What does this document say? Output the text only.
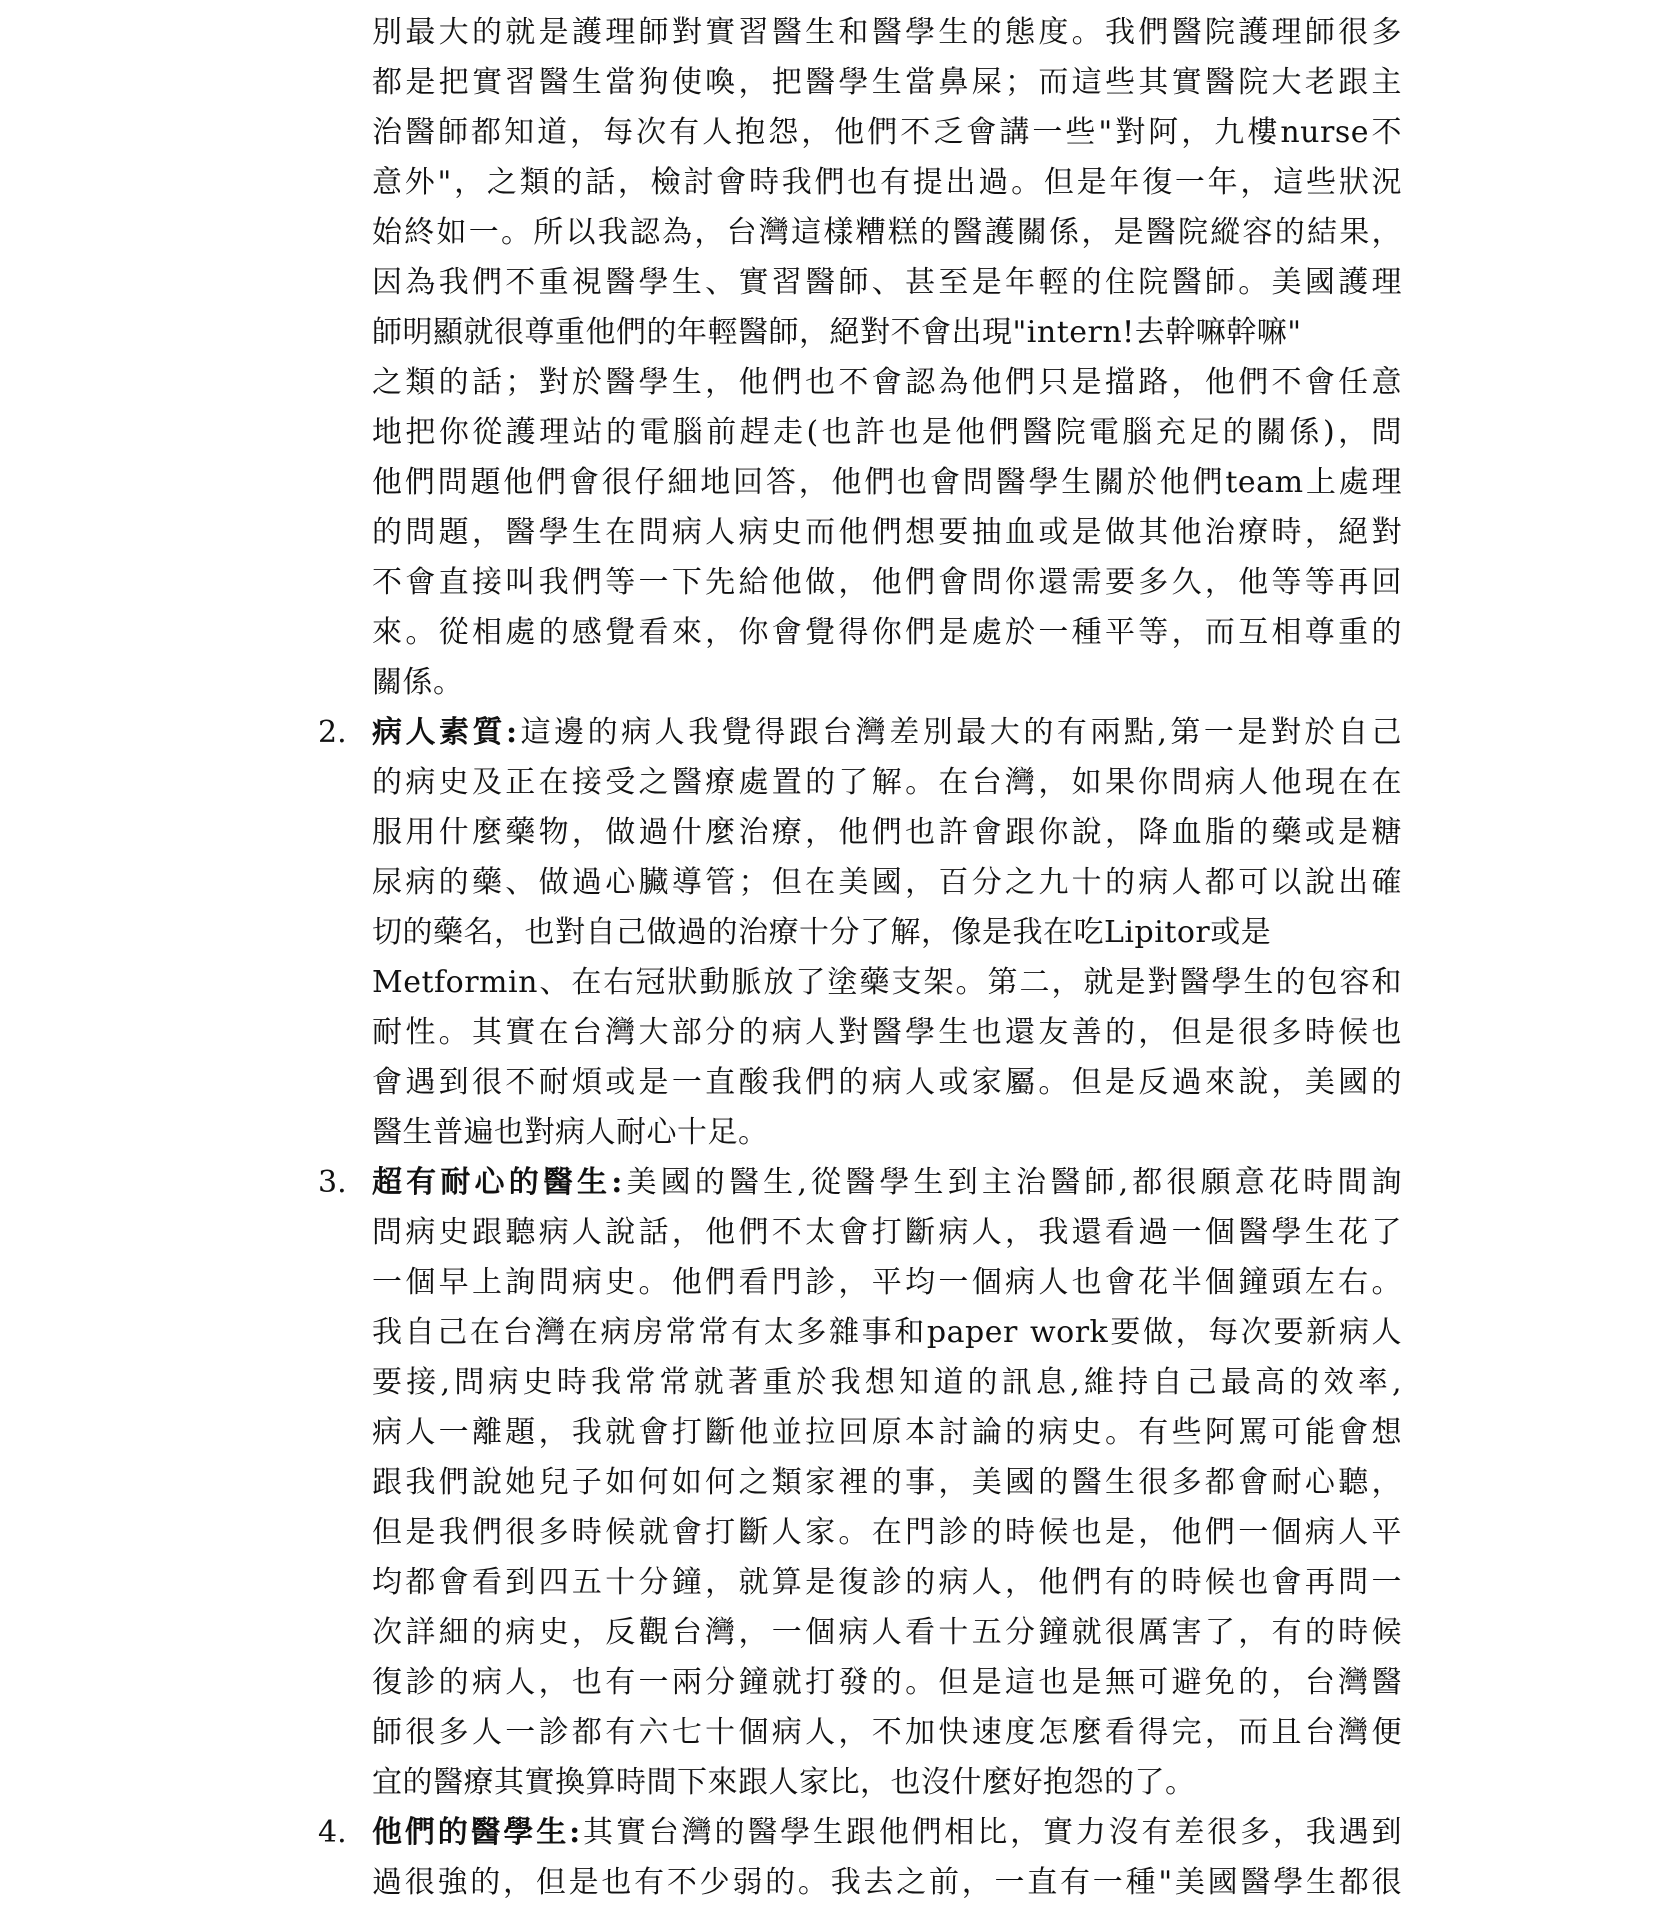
別最大的就是護理師對實習醫生和醫學生的態度。我們醫院護理師很多
都是把實習醫生當狗使喚，把醫學生當鼻屎；而這些其實醫院大老跟主
治醫師都知道，每次有人抱怨，他們不乏會講一些"對阿，九樓nurse不
意外"，之類的話，檢討會時我們也有提出過。但是年復一年，這些狀況
始終如一。所以我認為，台灣這樣糟糕的醫護關係，是醫院縱容的結果，
因為我們不重視醫學生、實習醫師、甚至是年輕的住院醫師。美國護理
師明顯就很尊重他們的年輕醫師，絕對不會出現"intern!去幹嘛幹嘛"
之類的話；對於醫學生，他們也不會認為他們只是擋路，他們不會任意
地把你從護理站的電腦前趕走(也許也是他們醫院電腦充足的關係)，問
他們問題他們會很仔細地回答，他們也會問醫學生關於他們team上處理
的問題，醫學生在問病人病史而他們想要抽血或是做其他治療時，絕對
不會直接叫我們等一下先給他做，他們會問你還需要多久，他等等再回
來。從相處的感覺看來，你會覺得你們是處於一種平等，而互相尊重的
關係。
2. 病人素質:這邊的病人我覺得跟台灣差別最大的有兩點,第一是對於自己
的病史及正在接受之醫療處置的了解。在台灣，如果你問病人他現在在
服用什麼藥物，做過什麼治療，他們也許會跟你說，降血脂的藥或是糖
尿病的藥、做過心臟導管；但在美國，百分之九十的病人都可以說出確
切的藥名，也對自己做過的治療十分了解，像是我在吃Lipitor或是
Metformin、在右冠狀動脈放了塗藥支架。第二，就是對醫學生的包容和
耐性。其實在台灣大部分的病人對醫學生也還友善的，但是很多時候也
會遇到很不耐煩或是一直酸我們的病人或家屬。但是反過來說，美國的
醫生普遍也對病人耐心十足。
3. 超有耐心的醫生:美國的醫生,從醫學生到主治醫師,都很願意花時間詢
問病史跟聽病人說話，他們不太會打斷病人，我還看過一個醫學生花了
一個早上詢問病史。他們看門診，平均一個病人也會花半個鐘頭左右。
我自己在台灣在病房常常有太多雜事和paper work要做，每次要新病人
要接,問病史時我常常就著重於我想知道的訊息,維持自己最高的效率,
病人一離題，我就會打斷他並拉回原本討論的病史。有些阿罵可能會想
跟我們說她兒子如何如何之類家裡的事，美國的醫生很多都會耐心聽，
但是我們很多時候就會打斷人家。在門診的時候也是，他們一個病人平
均都會看到四五十分鐘，就算是復診的病人，他們有的時候也會再問一
次詳細的病史，反觀台灣，一個病人看十五分鐘就很厲害了，有的時候
復診的病人，也有一兩分鐘就打發的。但是這也是無可避免的，台灣醫
師很多人一診都有六七十個病人，不加快速度怎麼看得完，而且台灣便
宜的醫療其實換算時間下來跟人家比，也沒什麼好抱怨的了。
4. 他們的醫學生:其實台灣的醫學生跟他們相比，實力沒有差很多，我遇到
過很強的，但是也有不少弱的。我去之前，一直有一種"美國醫學生都很
